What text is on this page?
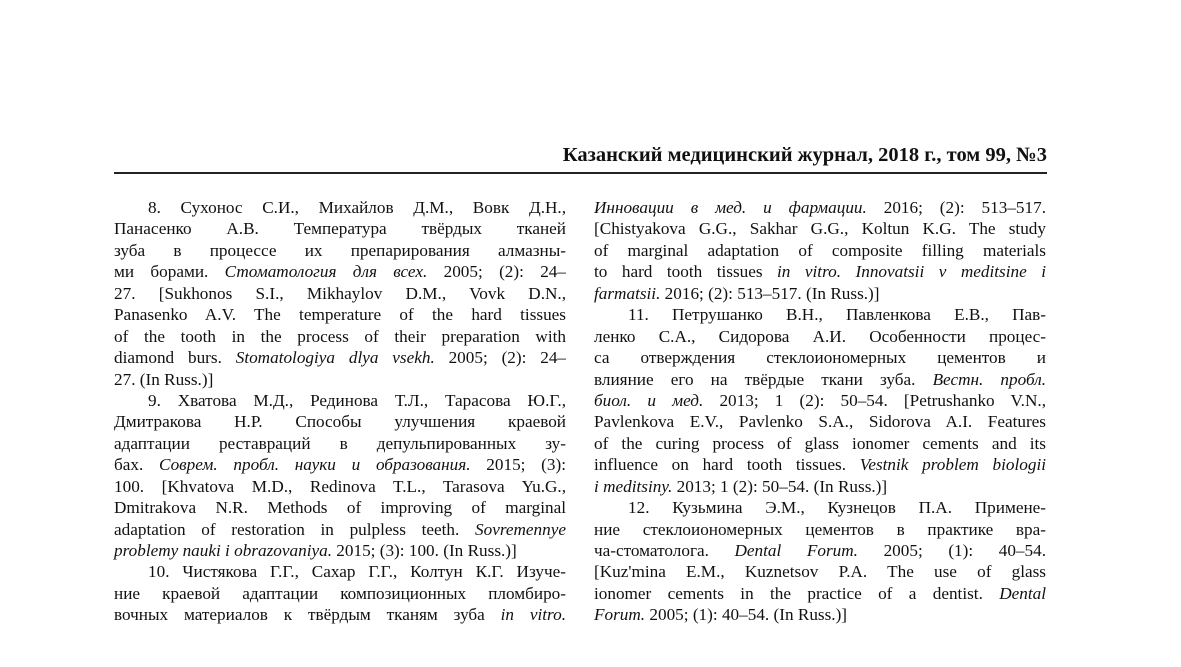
Казанский медицинский журнал, 2018 г., том 99, №3
8. Сухонос С.И., Михайлов Д.М., Вовк Д.Н.,
Панасенко А.В. Температура твёрдых тканей
зуба в процессе их препарирования алмазны-
ми борами. Стоматология для всех. 2005; (2): 24–
27. [Sukhonos S.I., Mikhaylov D.M., Vovk D.N.,
Panasenko A.V. The temperature of the hard tissues
of the tooth in the process of their preparation with
diamond burs. Stomatologiya dlya vsekh. 2005; (2): 24–
27. (In Russ.)]
9. Хватова М.Д., Рединова Т.Л., Тарасова Ю.Г.,
Дмитракова Н.Р. Способы улучшения краевой
адаптации реставраций в депульпированных зу-
бах. Соврем. пробл. науки и образования. 2015; (3):
100. [Khvatova M.D., Redinova T.L., Tarasova Yu.G.,
Dmitrakova N.R. Methods of improving of marginal
adaptation of restoration in pulpless teeth. Sovremennye
problemy nauki i obrazovaniya. 2015; (3): 100. (In Russ.)]
10. Чистякова Г.Г., Сахар Г.Г., Колтун К.Г. Изуче-
ние краевой адаптации композиционных пломбиро-
вочных материалов к твёрдым тканям зуба in vitro.
Инновации в мед. и фармации. 2016; (2): 513–517.
[Chistyakova G.G., Sakhar G.G., Koltun K.G. The study
of marginal adaptation of composite filling materials
to hard tooth tissues in vitro. Innovatsii v meditsine i
farmatsii. 2016; (2): 513–517. (In Russ.)]
11. Петрушанко В.Н., Павленкова Е.В., Пав-
ленко С.А., Сидорова А.И. Особенности процес-
са отверждения стеклоиономерных цементов и
влияние его на твёрдые ткани зуба. Вестн. пробл.
биол. и мед. 2013; 1 (2): 50–54. [Petrushanko V.N.,
Pavlenkova E.V., Pavlenko S.A., Sidorova A.I. Features
of the curing process of glass ionomer cements and its
influence on hard tooth tissues. Vestnik problem biologii
i meditsiny. 2013; 1 (2): 50–54. (In Russ.)]
12. Кузьмина Э.М., Кузнецов П.А. Примене-
ние стеклоиономерных цементов в практике вра-
ча-стоматолога. Dental Forum. 2005; (1): 40–54.
[Kuz'mina E.M., Kuznetsov P.A. The use of glass
ionomer cements in the practice of a dentist. Dental
Forum. 2005; (1): 40–54. (In Russ.)]
